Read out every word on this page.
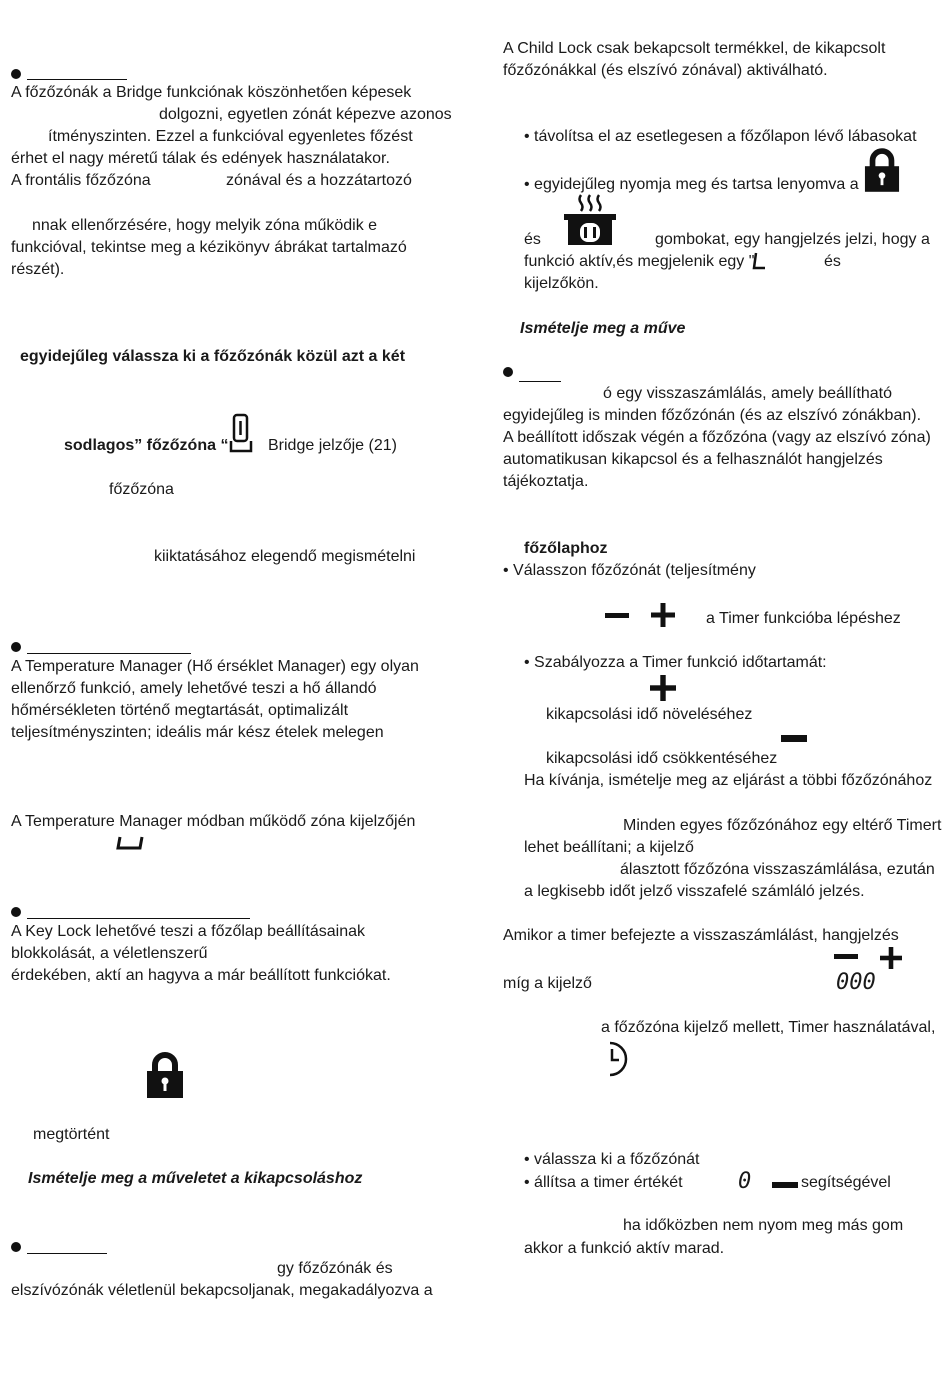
A főzőzónák a Bridge funkciónak köszönhetően képesek
dolgozni, egyetlen zónát képezve azonos
ítményszinten. Ezzel a funkcióval egyenletes főzést
érhet el nagy méretű tálak és edények használatakor.
A frontális főzőzóna	zónával és a hozzátartozó
nnak ellenőrzésére, hogy melyik zóna működik e
funkcióval, tekintse meg a kézikönyv ábrákat tartalmazó
részét).
egyidejűleg válassza ki a főzőzónák közül azt a két
sodlagos” főzőzóna “ Bridge jelzője (21)
főzőzóna
kiiktatásához elegendő megismételni
A Temperature Manager (Hő érséklet Manager) egy olyan
ellenőrző funkció, amely lehetővé teszi a hő állandó
hőmérsékleten történő megtartását, optimalizált
teljesítményszinten; ideális már kész ételek melegen
A Temperature Manager módban működő zóna kijelzőjén
A Key Lock lehetővé teszi a főzőlap beállításainak
blokkolását, a véletlenszerű
érdekében, aktí an hagyva a már beállított funkciókat.
megtörtént
Ismételje meg a műveletet a kikapcsoláshoz
gy főzőzónák és
elszívózónák véletlenül bekapcsoljanak, megakadályozva a
A Child Lock csak bekapcsolt termékkel, de kikapcsolt
főzőzónákkal (és elszívó zónával) aktiválható.
• távolítsa el az esetlegesen a főzőlapon lévő lábasokat
• egyidejűleg nyomja meg és tartsa lenyomva a
és	gombokat, egy hangjelzés jelzi, hogy a
funkció aktív,és megjelenik egy "	és
kijelzőkön.
Ismételje meg a műve
ó egy visszaszámlálás, amely beállítható
egyidejűleg is minden főzőzónán (és az elszívó zónákban).
A beállított időszak végén a főzőzóna (vagy az elszívó zóna)
automatikusan kikapcsol és a felhasználót hangjelzés
tájékoztatja.
főzőlaphoz
• Válasszon főzőzónát (teljesítmény
a Timer funkcióba lépéshez
• Szabályozza a Timer funkció időtartamát:
kikapcsolási idő növeléséhez
kikapcsolási idő csökkentéséhez
Ha kívánja, ismételje meg az eljárást a többi főzőzónához
Minden egyes főzőzónához egy eltérő Timert
lehet beállítani; a kijelző
álasztott főzőzóna visszaszámlálása, ezután
a legkisebb időt jelző visszafelé számláló jelzés.
Amikor a timer befejezte a visszaszámlálást, hangjelzés
míg a kijelző	000
a főzőzóna kijelző mellett, Timer használatával,
• válassza ki a főzőzónát
• állítsa a timer értékét	0	segítségével
ha időközben nem nyom meg más gom
akkor a funkció aktív marad.
